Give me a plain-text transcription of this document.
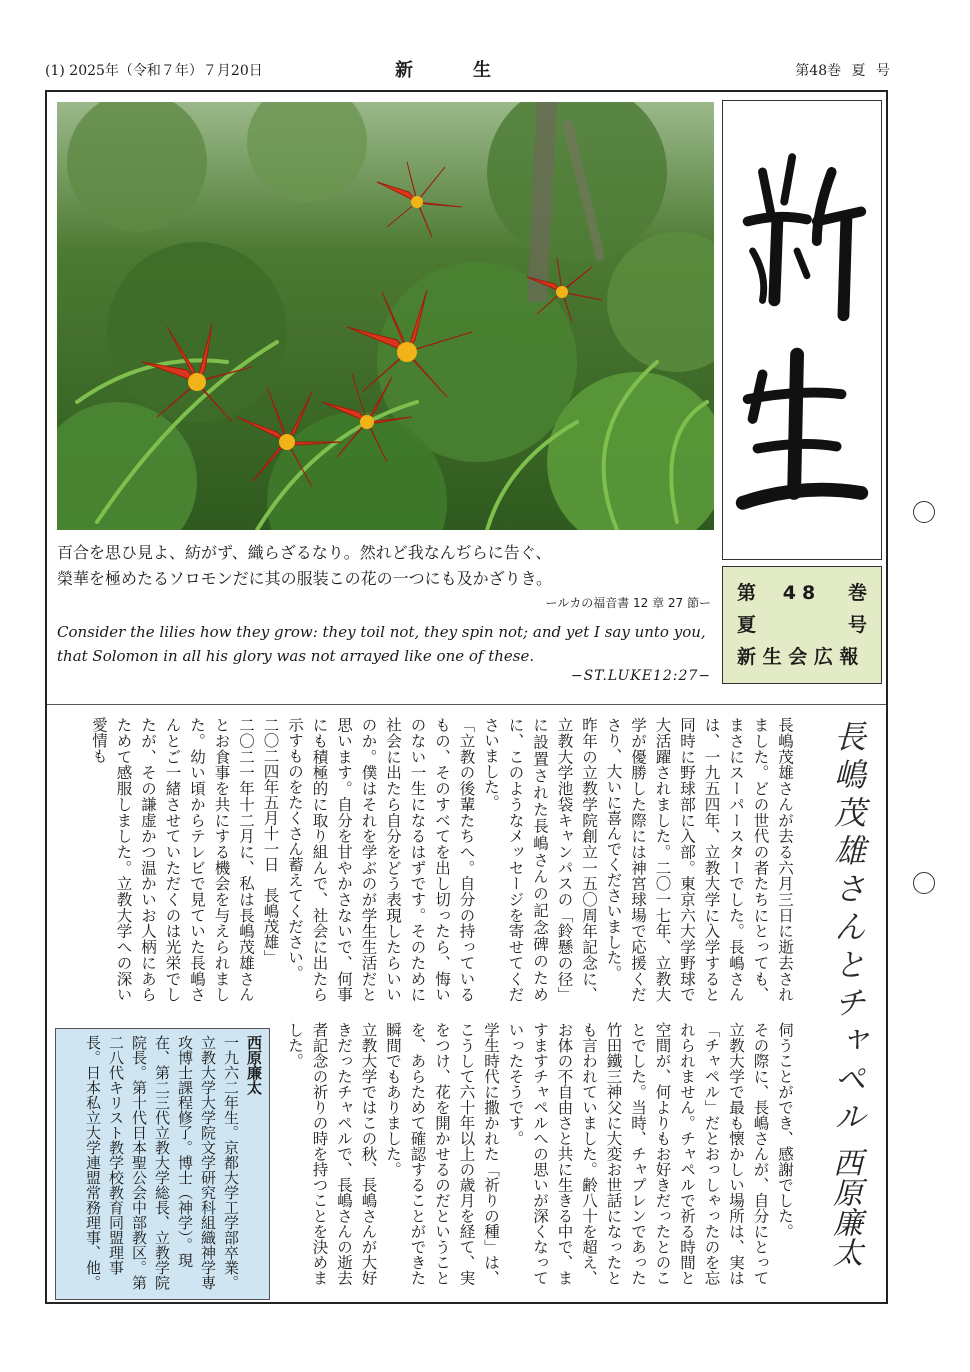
(1) 2025年（令和７年）７月20日	新生	第48巻 夏 号
百合を思ひ見よ、紡がず、織らざるなり。然れど我なんぢらに告ぐ、
榮華を極めたるソロモンだに其の服装この花の一つにも及かざりき。
ールカの福音書 12 章 27 節ー
Consider the lilies how they grow: they toil not, they spin not; and yet I say unto you,
that Solomon in all his glory was not arrayed like one of these.
−ST.LUKE12:27−
第 48 巻
夏	号
新 生 会 広 報
長嶋茂雄さんとチャペル
西原廉太

長嶋茂雄さんが去る六月三日に逝去されました。どの世代の者たちにとっても、まさにスーパースターでした。長嶋さんは、一九五四年、立教大学に入学すると同時に野球部に入部。東京六大学野球で大活躍されました。二〇一七年、立教大学が優勝した際には神宮球場で応援くださり、大いに喜んでくださいました。

昨年の立教学院創立一五〇周年記念に、立教大学池袋キャンパスの「鈴懸の径」に設置された長嶋さんの記念碑のために、このようなメッセージを寄せてくださいました。

「立教の後輩たちへ。自分の持っているもの、そのすべてを出し切ったら、悔いのない一生になるはずです。そのために社会に出たら自分をどう表現したらいいのか。僕はそれを学ぶのが学生生活だと思います。自分を甘やかさないで、何事にも積極的に取り組んで、社会に出たら示すものをたくさん蓄えてください。

二〇二四年五月十一日　長嶋茂雄」

二〇二一年十二月に、私は長嶋茂雄さんとお食事を共にする機会を与えられました。幼い頃からテレビで見ていた長嶋さんとご一緒させていただくのは光栄でしたが、その謙虚かつ温かいお人柄にあらためて感服しました。立教大学への深い愛情も

伺うことができ、感謝でした。

その際に、長嶋さんが、自分にとって立教大学で最も懐かしい場所は、実は「チャペル」だとおっしゃったのを忘れられません。チャペルで祈る時間と空間が、何よりもお好きだったとのことでした。当時、チャプレンであった竹田鐵三神父に大変お世話になったとも言われていました。齢八十を超え、お体の不自由さと共に生きる中で、ますますチャペルへの思いが深くなっていったそうです。

学生時代に撒かれた「祈りの種」は、こうして六十年以上の歳月を経て、実をつけ、花を開かせるのだということを、あらためて確認することができた瞬間でもありました。

立教大学ではこの秋、長嶋さんが大好きだったチャペルで、長嶋さんの逝去者記念の祈りの時を持つことを決めました。

西原廉太
一九六二年生。京都大学工学部卒業。立教大学大学院文学研究科組織神学専攻博士課程修了。博士（神学）。現在、第二三代立教大学総長、立教学院院長。第十代日本聖公会中部教区。第二八代キリスト教学校教育同盟理事長。日本私立大学連盟常務理事、他。
